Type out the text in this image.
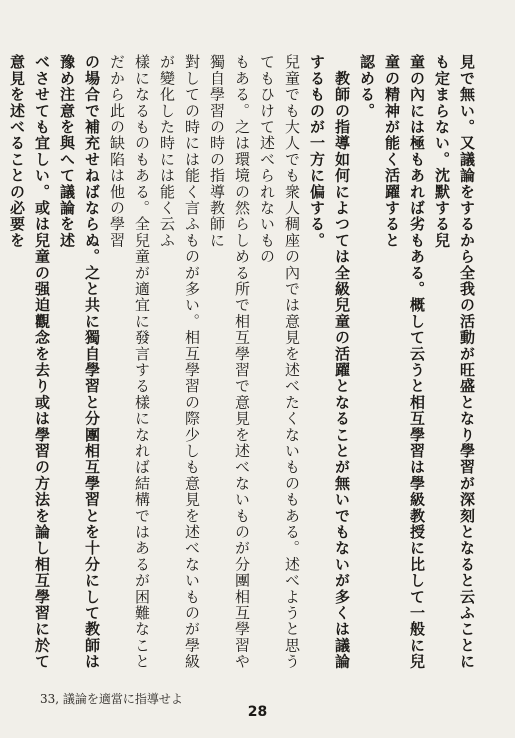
見で無い。又議論をするから全我の活動が旺盛となり學習が深刻となると云ふことにも定まらない。沈默する兒

童の內には極もあれば劣もある。概して云うと相互學習は學級教授に比して一般に兒童の精神が能く活躍すると

認める。

　教師の指導如何によつては全級兒童の活躍となることが無いでもないが多くは議論するものが一方に偏する。

兒童でも大人でも衆人稠座の內では意見を述べたくないものもある。述べようと思うてもひけて述べられないもの

もある。之は環境の然らしめる所で相互學習で意見を述べないものが分團相互學習や獨自學習の時の指導教師に

對しての時には能く言ふものが多い。相互學習の際少しも意見を述べないものが學級が變化した時には能く云ふ

樣になるものもある。全兒童が適宜に發言する樣になれば結構ではあるが困難なことだから此の缺陷は他の學習

の場合で補充せねばならぬ。之と共に獨自學習と分團相互學習とを十分にして教師は豫め注意を與へて議論を述

べさせても宜しい。或は兒童の强迫觀念を去り或は學習の方法を論し相互學習に於て意見を述べることの必要を

33, 議論を適當に指導せよ
28
